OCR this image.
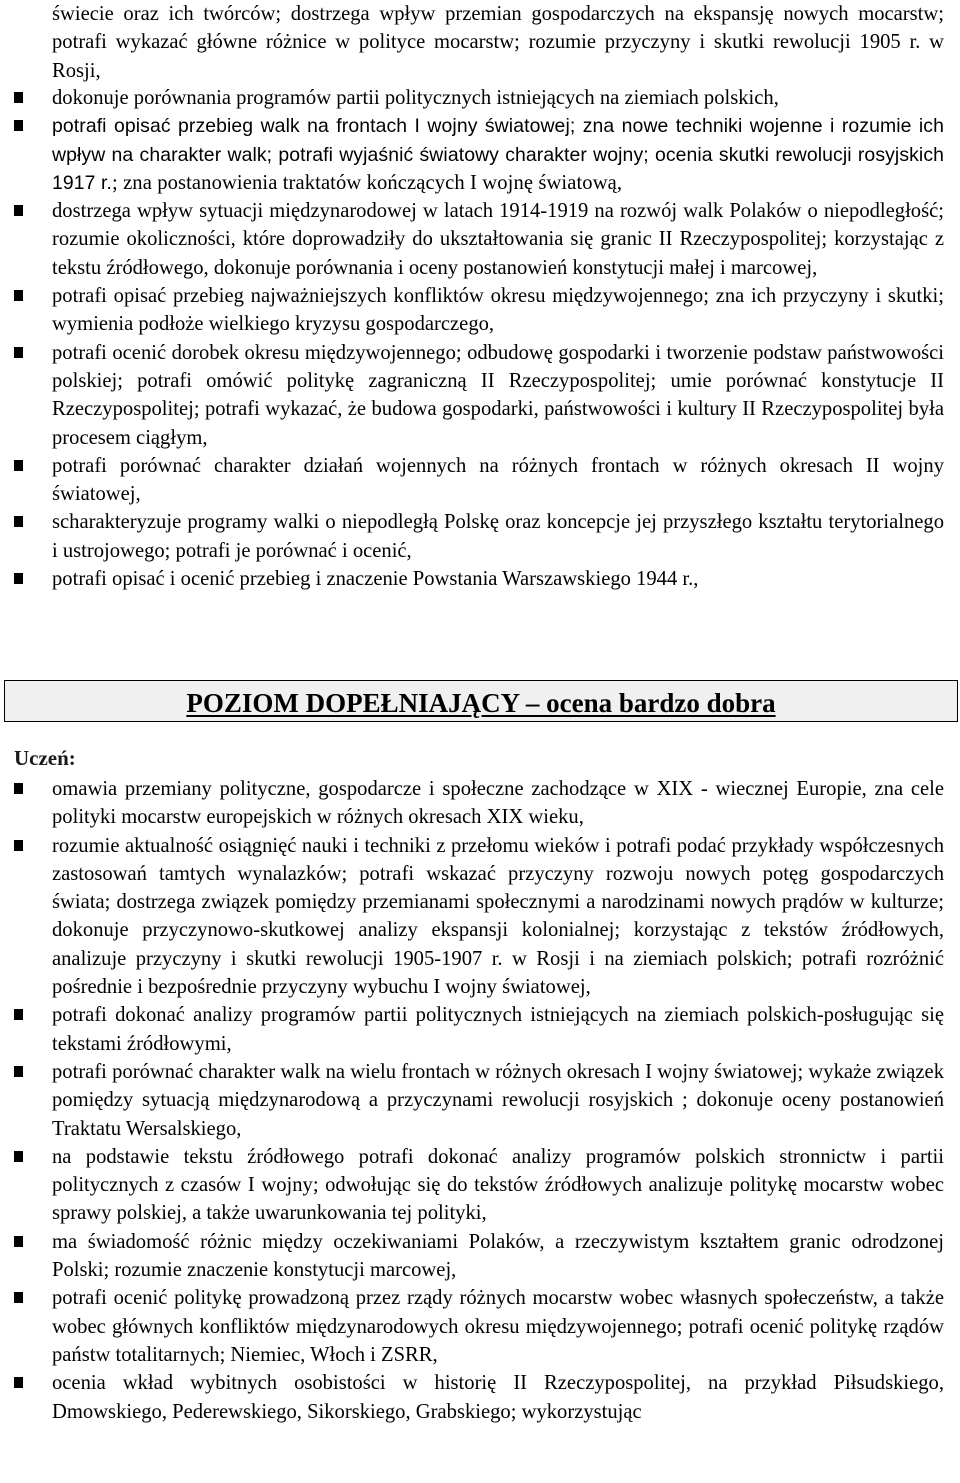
świecie oraz ich twórców; dostrzega wpływ przemian gospodarczych na ekspansję nowych mocarstw; potrafi wykazać główne różnice w polityce mocarstw; rozumie przyczyny i skutki rewolucji 1905 r. w Rosji,
dokonuje porównania programów partii politycznych istniejących na ziemiach polskich,
potrafi opisać przebieg walk na frontach I wojny światowej; zna nowe techniki wojenne i rozumie ich wpływ na charakter walk; potrafi wyjaśnić światowy charakter wojny; ocenia skutki rewolucji rosyjskich 1917 r.; zna postanowienia traktatów kończących I wojnę światową,
dostrzega wpływ sytuacji międzynarodowej w latach 1914-1919 na rozwój walk Polaków o niepodległość; rozumie okoliczności, które doprowadziły do ukształtowania się granic II Rzeczypospolitej; korzystając z tekstu źródłowego, dokonuje porównania i oceny postanowień konstytucji małej i marcowej,
potrafi opisać przebieg najważniejszych konfliktów okresu międzywojennego; zna ich przyczyny i skutki; wymienia podłoże wielkiego kryzysu gospodarczego,
potrafi ocenić dorobek okresu międzywojennego; odbudowę gospodarki i tworzenie podstaw państwowości polskiej; potrafi omówić politykę zagraniczną II Rzeczypospolitej; umie porównać konstytucje II Rzeczypospolitej; potrafi wykazać, że budowa gospodarki, państwowości i kultury II Rzeczypospolitej była procesem ciągłym,
potrafi porównać charakter działań wojennych na różnych frontach w różnych okresach II wojny światowej,
scharakteryzuje programy walki o niepodległą Polskę oraz koncepcje jej przyszłego kształtu terytorialnego i ustrojowego; potrafi je porównać i ocenić,
potrafi opisać i ocenić przebieg i znaczenie Powstania Warszawskiego 1944 r.,
POZIOM DOPEŁNIAJĄCY – ocena bardzo dobra
Uczeń:
omawia przemiany polityczne, gospodarcze i społeczne zachodzące w XIX - wiecznej Europie, zna cele polityki mocarstw europejskich w różnych okresach XIX wieku,
rozumie aktualność osiągnięć nauki i techniki z przełomu wieków i potrafi podać przykłady współczesnych zastosowań tamtych wynalazków; potrafi wskazać przyczyny rozwoju nowych potęg gospodarczych świata; dostrzega związek pomiędzy przemianami społecznymi a narodzinami nowych prądów w kulturze; dokonuje przyczynowo-skutkowej analizy ekspansji kolonialnej; korzystając z tekstów źródłowych, analizuje przyczyny i skutki rewolucji 1905-1907 r. w Rosji i na ziemiach polskich; potrafi rozróżnić pośrednie i bezpośrednie przyczyny wybuchu I wojny światowej,
potrafi dokonać analizy programów partii politycznych istniejących na ziemiach polskich-posługując się tekstami źródłowymi,
potrafi porównać charakter walk na wielu frontach w różnych okresach I wojny światowej; wykaże związek pomiędzy sytuacją międzynarodową a przyczynami rewolucji rosyjskich ; dokonuje oceny postanowień Traktatu Wersalskiego,
na podstawie tekstu źródłowego potrafi dokonać analizy programów polskich stronnictw i partii politycznych z czasów I wojny; odwołując się do tekstów źródłowych analizuje politykę mocarstw wobec sprawy polskiej, a także uwarunkowania tej polityki,
ma świadomość różnic między oczekiwaniami Polaków, a rzeczywistym kształtem granic odrodzonej Polski; rozumie znaczenie konstytucji marcowej,
potrafi ocenić politykę prowadzoną przez rządy różnych mocarstw wobec własnych społeczeństw, a także wobec głównych konfliktów międzynarodowych okresu międzywojennego; potrafi ocenić politykę rządów państw totalitarnych; Niemiec, Włoch i ZSRR,
ocenia wkład wybitnych osobistości w historię II Rzeczypospolitej, na przykład Piłsudskiego, Dmowskiego, Pederewskiego, Sikorskiego, Grabskiego; wykorzystując
